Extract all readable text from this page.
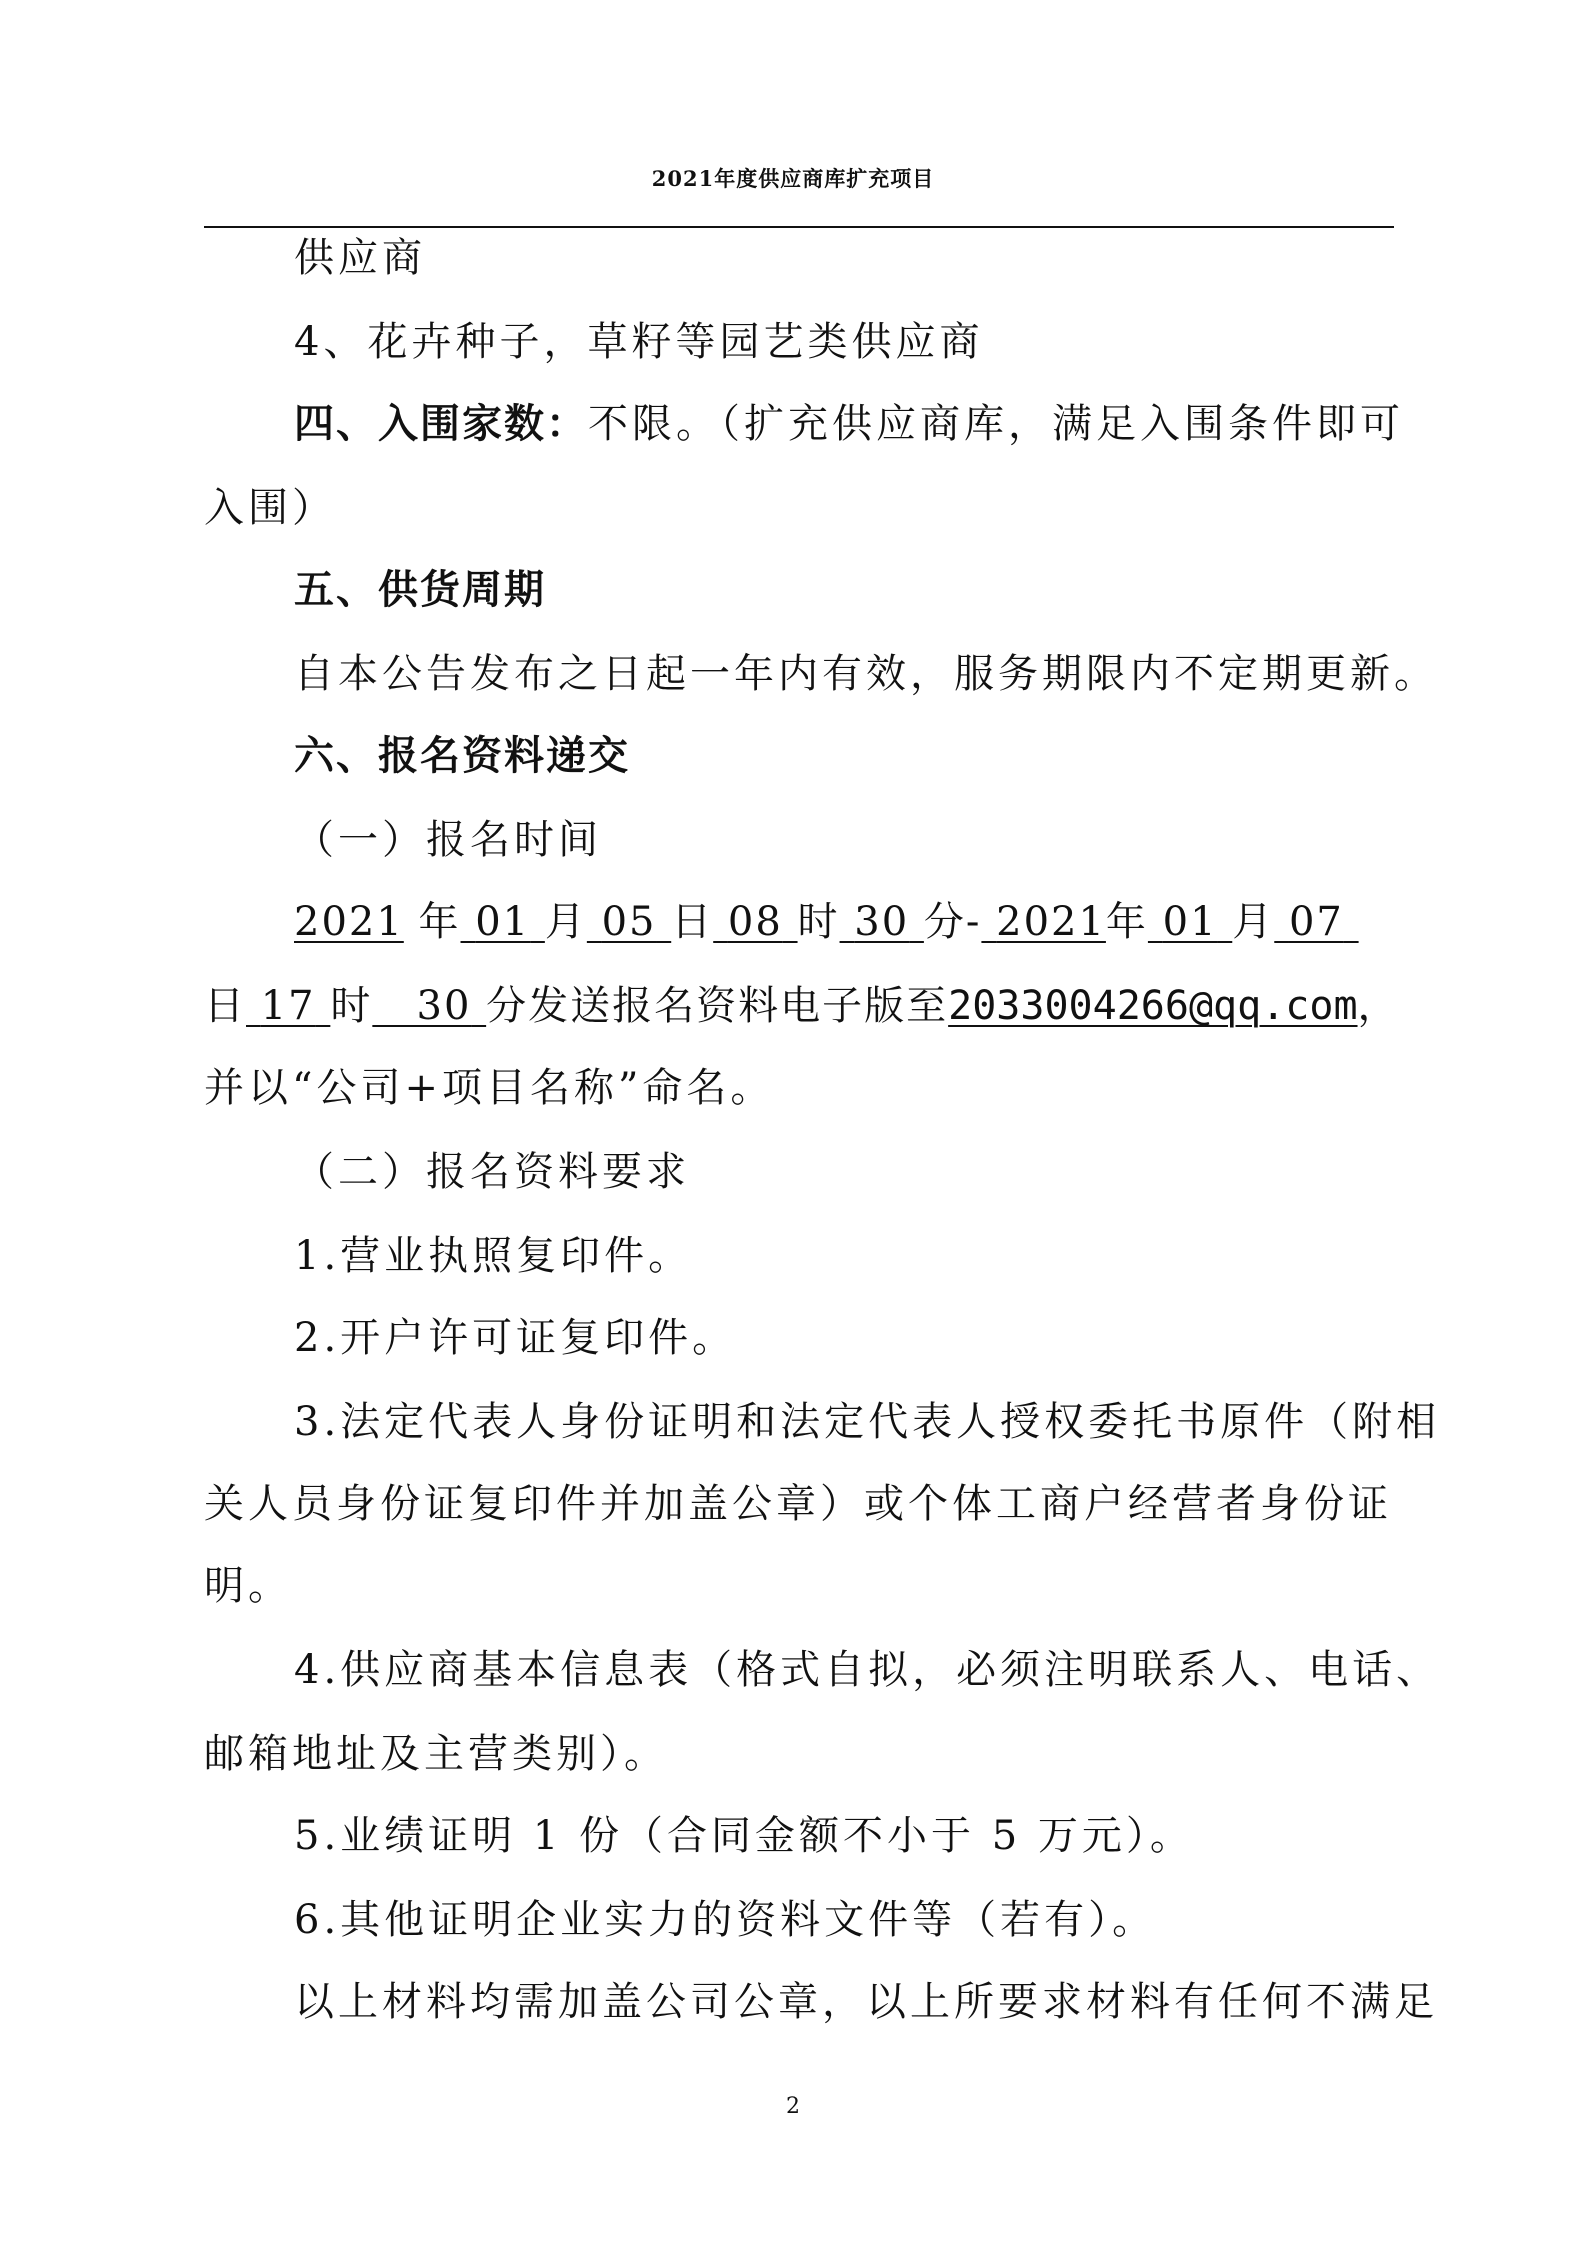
2021年度供应商库扩充项目
供应商
4、花卉种子，草籽等园艺类供应商
四、入围家数：不限。（扩充供应商库，满足入围条件即可
入围）
五、供货周期
自本公告发布之日起一年内有效，服务期限内不定期更新。
六、报名资料递交
（一）报名时间
2021 年 01 月 05 日 08 时 30 分- 2021年 01 月 07
日 17 时 30 分发送报名资料电子版至2033004266@qq.com，
并以“公司+项目名称”命名。
（二）报名资料要求
1.营业执照复印件。
2.开户许可证复印件。
3.法定代表人身份证明和法定代表人授权委托书原件（附相
关人员身份证复印件并加盖公章）或个体工商户经营者身份证
明。
4.供应商基本信息表（格式自拟，必须注明联系人、电话、
邮箱地址及主营类别）。
5.业绩证明 1 份（合同金额不小于 5 万元）。
6.其他证明企业实力的资料文件等（若有）。
以上材料均需加盖公司公章，以上所要求材料有任何不满足
2
